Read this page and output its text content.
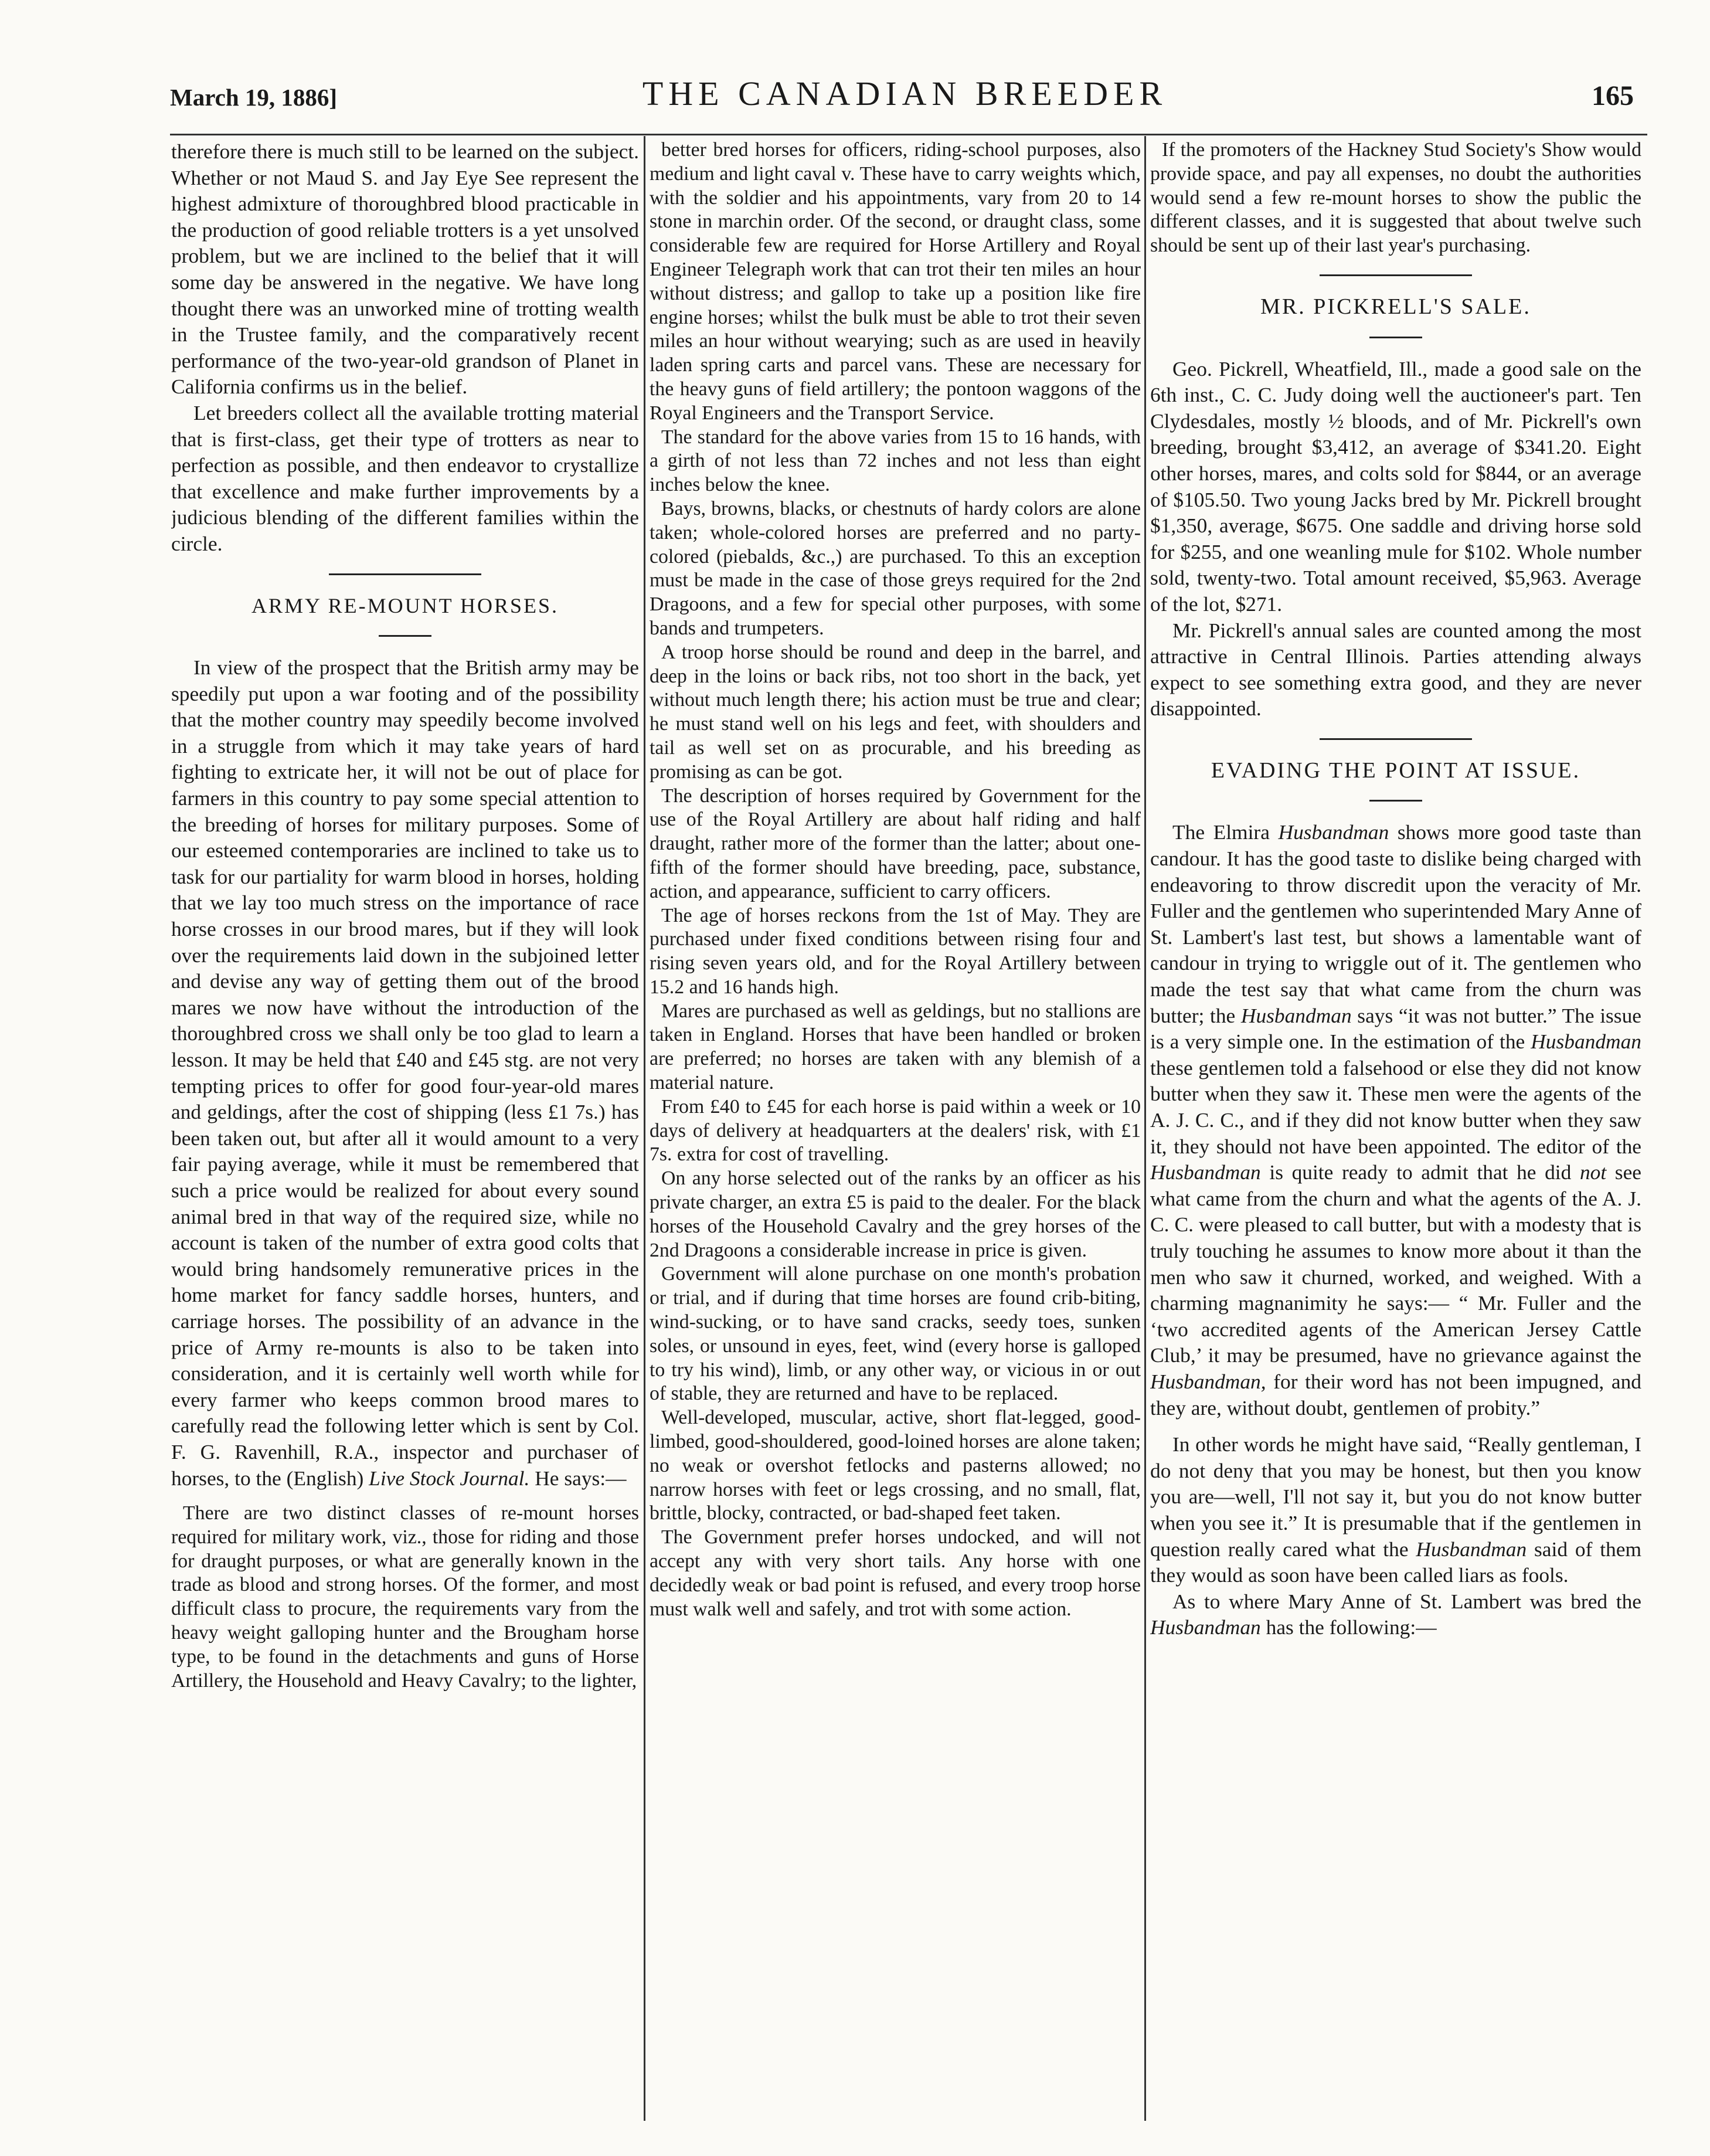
March 19, 1886]	THE CANADIAN BREEDER	165

therefore there is much still to be learned on the subject. Whether or not Maud S. and Jay Eye See represent the highest admixture of thoroughbred blood practicable in the production of good reliable trotters is a yet unsolved problem, but we are inclined to the belief that it will some day be answered in the negative. We have long thought there was an unworked mine of trotting wealth in the Trustee family, and the comparatively recent performance of the two-year-old grandson of Planet in California confirms us in the belief.

Let breeders collect all the available trotting material that is first-class, get their type of trotters as near to perfection as possible, and then endeavor to crystallize that excellence and make further improvements by a judicious blending of the different families within the circle.

ARMY RE-MOUNT HORSES.

In view of the prospect that the British army may be speedily put upon a war footing and of the possibility that the mother country may speedily become involved in a struggle from which it may take years of hard fighting to extricate her, it will not be out of place for farmers in this country to pay some special attention to the breeding of horses for military purposes. Some of our esteemed contemporaries are inclined to take us to task for our partiality for warm blood in horses, holding that we lay too much stress on the importance of race horse crosses in our brood mares, but if they will look over the requirements laid down in the subjoined letter and devise any way of getting them out of the brood mares we now have without the introduction of the thoroughbred cross we shall only be too glad to learn a lesson. It may be held that £40 and £45 stg. are not very tempting prices to offer for good four-year-old mares and geldings, after the cost of shipping (less £1 7s.) has been taken out, but after all it would amount to a very fair paying average, while it must be remembered that such a price would be realized for about every sound animal bred in that way of the required size, while no account is taken of the number of extra good colts that would bring handsomely remunerative prices in the home market for fancy saddle horses, hunters, and carriage horses. The possibility of an advance in the price of Army re-mounts is also to be taken into consideration, and it is certainly well worth while for every farmer who keeps common brood mares to carefully read the following letter which is sent by Col. F. G. Ravenhill, R.A., inspector and purchaser of horses, to the (English) Live Stock Journal. He says:—

There are two distinct classes of re-mount horses required for military work, viz., those for riding and those for draught purposes, or what are generally known in the trade as blood and strong horses. Of the former, and most difficult class to procure, the requirements vary from the heavy weight galloping hunter and the Brougham horse type, to be found in the detachments and guns of Horse Artillery, the Household and Heavy Cavalry; to the lighter,

better bred horses for officers, riding-school purposes, also medium and light caval v. These have to carry weights which, with the soldier and his appointments, vary from 20 to 14 stone in marchin order. Of the second, or draught class, some considerable few are required for Horse Artillery and Royal Engineer Telegraph work that can trot their ten miles an hour without distress; and gallop to take up a position like fire engine horses; whilst the bulk must be able to trot their seven miles an hour without wearying; such as are used in heavily laden spring carts and parcel vans. These are necessary for the heavy guns of field artillery; the pontoon waggons of the Royal Engineers and the Transport Service.

The standard for the above varies from 15 to 16 hands, with a girth of not less than 72 inches and not less than eight inches below the knee.

Bays, browns, blacks, or chestnuts of hardy colors are alone taken; whole-colored horses are preferred and no party-colored (piebalds, &c.,) are purchased. To this an exception must be made in the case of those greys required for the 2nd Dragoons, and a few for special other purposes, with some bands and trumpeters.

A troop horse should be round and deep in the barrel, and deep in the loins or back ribs, not too short in the back, yet without much length there; his action must be true and clear; he must stand well on his legs and feet, with shoulders and tail as well set on as procurable, and his breeding as promising as can be got.

The description of horses required by Government for the use of the Royal Artillery are about half riding and half draught, rather more of the former than the latter; about one-fifth of the former should have breeding, pace, substance, action, and appearance, sufficient to carry officers.

The age of horses reckons from the 1st of May. They are purchased under fixed conditions between rising four and rising seven years old, and for the Royal Artillery between 15.2 and 16 hands high.

Mares are purchased as well as geldings, but no stallions are taken in England. Horses that have been handled or broken are preferred; no horses are taken with any blemish of a material nature.

From £40 to £45 for each horse is paid within a week or 10 days of delivery at headquarters at the dealers' risk, with £1 7s. extra for cost of travelling.

On any horse selected out of the ranks by an officer as his private charger, an extra £5 is paid to the dealer. For the black horses of the Household Cavalry and the grey horses of the 2nd Dragoons a considerable increase in price is given.

Government will alone purchase on one month's probation or trial, and if during that time horses are found crib-biting, wind-sucking, or to have sand cracks, seedy toes, sunken soles, or unsound in eyes, feet, wind (every horse is galloped to try his wind), limb, or any other way, or vicious in or out of stable, they are returned and have to be replaced.

Well-developed, muscular, active, short flat-legged, good-limbed, good-shouldered, good-loined horses are alone taken; no weak or overshot fetlocks and pasterns allowed; no narrow horses with feet or legs crossing, and no small, flat, brittle, blocky, contracted, or bad-shaped feet taken.

The Government prefer horses undocked, and will not accept any with very short tails. Any horse with one decidedly weak or bad point is refused, and every troop horse must walk well and safely, and trot with some action.

If the promoters of the Hackney Stud Society's Show would provide space, and pay all expenses, no doubt the authorities would send a few re-mount horses to show the public the different classes, and it is suggested that about twelve such should be sent up of their last year's purchasing.

MR. PICKRELL'S SALE.

Geo. Pickrell, Wheatfield, Ill., made a good sale on the 6th inst., C. C. Judy doing well the auctioneer's part. Ten Clydesdales, mostly ½ bloods, and of Mr. Pickrell's own breeding, brought $3,412, an average of $341.20. Eight other horses, mares, and colts sold for $844, or an average of $105.50. Two young Jacks bred by Mr. Pickrell brought $1,350, average, $675. One saddle and driving horse sold for $255, and one weanling mule for $102. Whole number sold, twenty-two. Total amount received, $5,963. Average of the lot, $271.

Mr. Pickrell's annual sales are counted among the most attractive in Central Illinois. Parties attending always expect to see something extra good, and they are never disappointed.

EVADING THE POINT AT ISSUE.

The Elmira Husbandman shows more good taste than candour. It has the good taste to dislike being charged with endeavoring to throw discredit upon the veracity of Mr. Fuller and the gentlemen who superintended Mary Anne of St. Lambert's last test, but shows a lamentable want of candour in trying to wriggle out of it. The gentlemen who made the test say that what came from the churn was butter; the Husbandman says “it was not butter.” The issue is a very simple one. In the estimation of the Husbandman these gentlemen told a falsehood or else they did not know butter when they saw it. These men were the agents of the A. J. C. C., and if they did not know butter when they saw it, they should not have been appointed. The editor of the Husbandman is quite ready to admit that he did not see what came from the churn and what the agents of the A. J. C. C. were pleased to call butter, but with a modesty that is truly touching he assumes to know more about it than the men who saw it churned, worked, and weighed. With a charming magnanimity he says:— “ Mr. Fuller and the ‘two accredited agents of the American Jersey Cattle Club,’ it may be presumed, have no grievance against the Husbandman, for their word has not been impugned, and they are, without doubt, gentlemen of probity.”

In other words he might have said, “Really gentleman, I do not deny that you may be honest, but then you know you are—well, I'll not say it, but you do not know butter when you see it.” It is presumable that if the gentlemen in question really cared what the Husbandman said of them they would as soon have been called liars as fools.

As to where Mary Anne of St. Lambert was bred the Husbandman has the following:—
